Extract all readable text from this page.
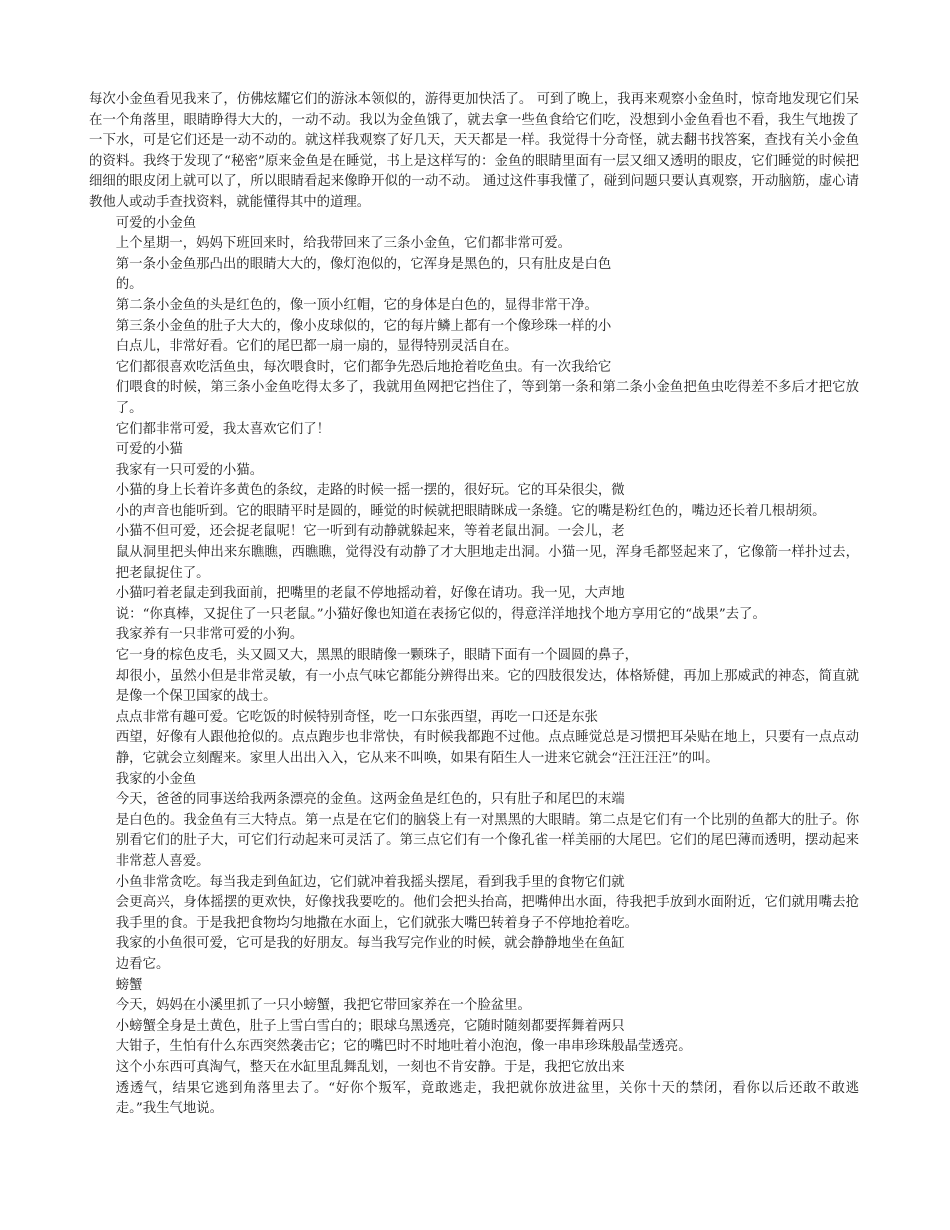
每次小金鱼看见我来了，仿佛炫耀它们的游泳本领似的，游得更加快活了。 可到了晚上，我再来观察小金鱼时，惊奇地发现它们呆在一个角落里，眼睛睁得大大的，一动不动。我以为金鱼饿了，就去拿一些鱼食给它们吃，没想到小金鱼看也不看，我生气地拨了一下水，可是它们还是一动不动的。就这样我观察了好几天，天天都是一样。我觉得十分奇怪，就去翻书找答案，查找有关小金鱼的资料。我终于发现了“秘密”原来金鱼是在睡觉，书上是这样写的：金鱼的眼睛里面有一层又细又透明的眼皮，它们睡觉的时候把细细的眼皮闭上就可以了，所以眼睛看起来像睁开似的一动不动。 通过这件事我懂了，碰到问题只要认真观察，开动脑筋，虚心请教他人或动手查找资料，就能懂得其中的道理。

可爱的小金鱼

上个星期一，妈妈下班回来时，给我带回来了三条小金鱼，它们都非常可爱。

第一条小金鱼那凸出的眼睛大大的，像灯泡似的，它浑身是黑色的，只有肚皮是白色

的。

第二条小金鱼的头是红色的，像一顶小红帽，它的身体是白色的，显得非常干净。

第三条小金鱼的肚子大大的，像小皮球似的，它的每片鳞上都有一个像珍珠一样的小

白点儿，非常好看。它们的尾巴都一扇一扇的，显得特别灵活自在。

它们都很喜欢吃活鱼虫，每次喂食时，它们都争先恐后地抢着吃鱼虫。有一次我给它

们喂食的时候，第三条小金鱼吃得太多了，我就用鱼网把它挡住了，等到第一条和第二条小金鱼把鱼虫吃得差不多后才把它放了。

它们都非常可爱，我太喜欢它们了！

可爱的小猫

我家有一只可爱的小猫。

小猫的身上长着许多黄色的条纹，走路的时候一摇一摆的，很好玩。它的耳朵很尖，微

小的声音也能听到。它的眼睛平时是圆的，睡觉的时候就把眼睛眯成一条缝。它的嘴是粉红色的，嘴边还长着几根胡须。

小猫不但可爱，还会捉老鼠呢！它一听到有动静就躲起来，等着老鼠出洞。一会儿，老

鼠从洞里把头伸出来东瞧瞧，西瞧瞧，觉得没有动静了才大胆地走出洞。小猫一见，浑身毛都竖起来了，它像箭一样扑过去，把老鼠捉住了。

小猫叼着老鼠走到我面前，把嘴里的老鼠不停地摇动着，好像在请功。我一见，大声地

说：“你真棒，又捉住了一只老鼠。”小猫好像也知道在表扬它似的，得意洋洋地找个地方享用它的“战果”去了。

我家养有一只非常可爱的小狗。

它一身的棕色皮毛，头又圆又大，黑黑的眼睛像一颗珠子，眼睛下面有一个圆圆的鼻子，

却很小，虽然小但是非常灵敏，有一小点气味它都能分辨得出来。它的四肢很发达，体格矫健，再加上那威武的神态，简直就是像一个保卫国家的战士。

点点非常有趣可爱。它吃饭的时候特别奇怪，吃一口东张西望，再吃一口还是东张

西望，好像有人跟他抢似的。点点跑步也非常快，有时候我都跑不过他。点点睡觉总是习惯把耳朵贴在地上，只要有一点点动静，它就会立刻醒来。家里人出出入入，它从来不叫唤，如果有陌生人一进来它就会“汪汪汪汪”的叫。

我家的小金鱼

今天，爸爸的同事送给我两条漂亮的金鱼。这两金鱼是红色的，只有肚子和尾巴的末端

是白色的。我金鱼有三大特点。第一点是在它们的脑袋上有一对黑黑的大眼睛。第二点是它们有一个比别的鱼都大的肚子。你别看它们的肚子大，可它们行动起来可灵活了。第三点它们有一个像孔雀一样美丽的大尾巴。它们的尾巴薄而透明，摆动起来非常惹人喜爱。

小鱼非常贪吃。每当我走到鱼缸边，它们就冲着我摇头摆尾，看到我手里的食物它们就

会更高兴，身体摇摆的更欢快，好像找我要吃的。他们会把头抬高，把嘴伸出水面，待我把手放到水面附近，它们就用嘴去抢我手里的食。于是我把食物均匀地撒在水面上，它们就张大嘴巴转着身子不停地抢着吃。

我家的小鱼很可爱，它可是我的好朋友。每当我写完作业的时候，就会静静地坐在鱼缸

边看它。

螃蟹

今天，妈妈在小溪里抓了一只小螃蟹，我把它带回家养在一个脸盆里。

小螃蟹全身是土黄色，肚子上雪白雪白的；眼球乌黑透亮，它随时随刻都要挥舞着两只

大钳子，生怕有什么东西突然袭击它；它的嘴巴时不时地吐着小泡泡，像一串串珍珠般晶莹透亮。

这个小东西可真淘气，整天在水缸里乱舞乱划，一刻也不肯安静。于是，我把它放出来

透透气，结果它逃到角落里去了。“好你个叛军，竟敢逃走，我把就你放进盆里，关你十天的禁闭，看你以后还敢不敢逃走。”我生气地说。
